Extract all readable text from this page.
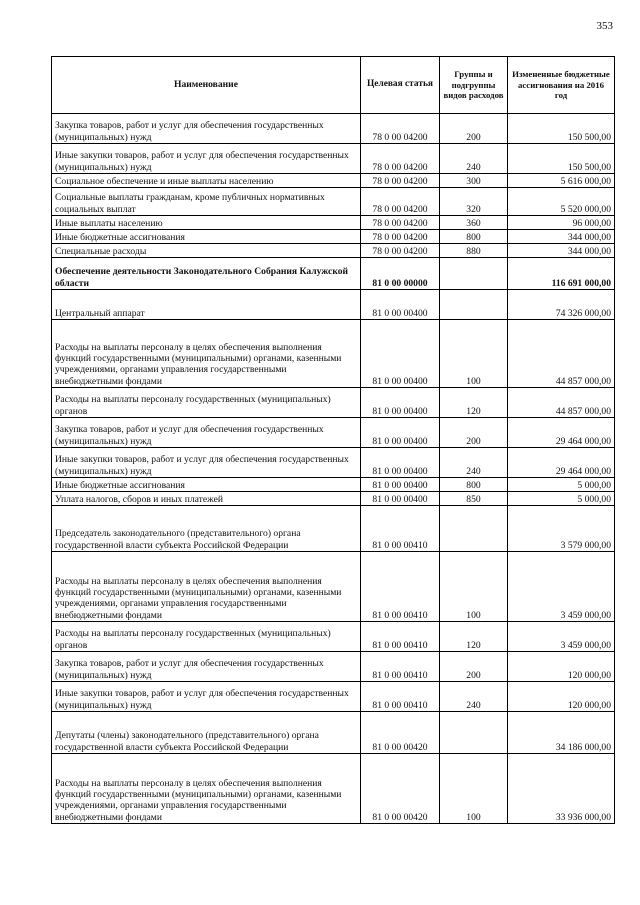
353
Наименование	Целевая статья	Группы и подгруппы видов расходов	Измененные бюджетные ассигнования на 2016 год
Закупка товаров, работ и услуг для обеспечения государственных (муниципальных) нужд	78 0 00 04200	200	150 500,00
Иные закупки товаров, работ и услуг для обеспечения государственных (муниципальных) нужд	78 0 00 04200	240	150 500,00
Социальное обеспечение и иные выплаты населению	78 0 00 04200	300	5 616 000,00
Социальные выплаты гражданам, кроме публичных нормативных социальных выплат	78 0 00 04200	320	5 520 000,00
Иные выплаты населению	78 0 00 04200	360	96 000,00
Иные бюджетные ассигнования	78 0 00 04200	800	344 000,00
Специальные расходы	78 0 00 04200	880	344 000,00
Обеспечение деятельности Законодательного Собрания Калужской области	81 0 00 00000		116 691 000,00
Центральный аппарат	81 0 00 00400		74 326 000,00
Расходы на выплаты персоналу в целях обеспечения выполнения функций государственными (муниципальными) органами, казенными учреждениями, органами управления государственными внебюджетными фондами	81 0 00 00400	100	44 857 000,00
Расходы на выплаты персоналу государственных (муниципальных) органов	81 0 00 00400	120	44 857 000,00
Закупка товаров, работ и услуг для обеспечения государственных (муниципальных) нужд	81 0 00 00400	200	29 464 000,00
Иные закупки товаров, работ и услуг для обеспечения государственных (муниципальных) нужд	81 0 00 00400	240	29 464 000,00
Иные бюджетные ассигнования	81 0 00 00400	800	5 000,00
Уплата налогов, сборов и иных платежей	81 0 00 00400	850	5 000,00
Председатель законодательного (представительного) органа государственной власти субъекта Российской Федерации	81 0 00 00410		3 579 000,00
Расходы на выплаты персоналу в целях обеспечения выполнения функций государственными (муниципальными) органами, казенными учреждениями, органами управления государственными внебюджетными фондами	81 0 00 00410	100	3 459 000,00
Расходы на выплаты персоналу государственных (муниципальных) органов	81 0 00 00410	120	3 459 000,00
Закупка товаров, работ и услуг для обеспечения государственных (муниципальных) нужд	81 0 00 00410	200	120 000,00
Иные закупки товаров, работ и услуг для обеспечения государственных (муниципальных) нужд	81 0 00 00410	240	120 000,00
Депутаты (члены) законодательного (представительного) органа государственной власти субъекта Российской Федерации	81 0 00 00420		34 186 000,00
Расходы на выплаты персоналу в целях обеспечения выполнения функций государственными (муниципальными) органами, казенными учреждениями, органами управления государственными внебюджетными фондами	81 0 00 00420	100	33 936 000,00
